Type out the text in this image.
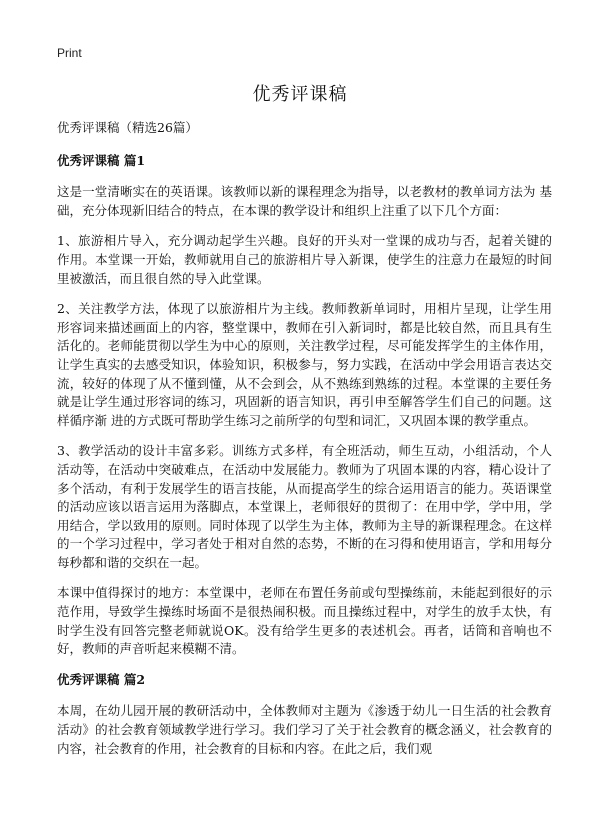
Print
优秀评课稿
优秀评课稿（精选26篇）
优秀评课稿 篇1
这是一堂清晰实在的英语课。该教师以新的课程理念为指导，以老教材的教单词方法为 基础，充分体现新旧结合的特点，在本课的教学设计和组织上注重了以下几个方面：
1、旅游相片导入，充分调动起学生兴趣。良好的开头对一堂课的成功与否，起着关键的作用。本堂课一开始，教师就用自己的旅游相片导入新课，使学生的注意力在最短的时间里被激活，而且很自然的导入此堂课。
2、关注教学方法，体现了以旅游相片为主线。教师教新单词时，用相片呈现，让学生用形容词来描述画面上的内容，整堂课中，教师在引入新词时，都是比较自然，而且具有生活化的。老师能贯彻以学生为中心的原则，关注教学过程，尽可能发挥学生的主体作用，让学生真实的去感受知识，体验知识，积极参与，努力实践，在活动中学会用语言表达交流，较好的体现了从不懂到懂，从不会到会，从不熟练到熟练的过程。本堂课的主要任务就是让学生通过形容词的练习，巩固新的语言知识，再引申至解答学生们自己的问题。这样循序渐 进的方式既可帮助学生练习之前所学的句型和词汇，又巩固本课的教学重点。
3、教学活动的设计丰富多彩。训练方式多样，有全班活动，师生互动，小组活动，个人活动等，在活动中突破难点，在活动中发展能力。教师为了巩固本课的内容，精心设计了多个活动，有利于发展学生的语言技能，从而提高学生的综合运用语言的能力。英语课堂的活动应该以语言运用为落脚点，本堂课上，老师很好的贯彻了：在用中学，学中用，学用结合，学以致用的原则。同时体现了以学生为主体，教师为主导的新课程理念。在这样的一个学习过程中，学习者处于相对自然的态势，不断的在习得和使用语言，学和用每分每秒都和谐的交织在一起。
本课中值得探讨的地方：本堂课中，老师在布置任务前或句型操练前，未能起到很好的示范作用，导致学生操练时场面不是很热闹积极。而且操练过程中，对学生的放手太快，有时学生没有回答完整老师就说OK。没有给学生更多的表述机会。再者，话筒和音响也不好，教师的声音听起来模糊不清。
优秀评课稿 篇2
本周，在幼儿园开展的教研活动中，全体教师对主题为《渗透于幼儿一日生活的社会教育活动》的社会教育领域教学进行学习。我们学习了关于社会教育的概念涵义，社会教育的内容，社会教育的作用，社会教育的目标和内容。在此之后，我们观
